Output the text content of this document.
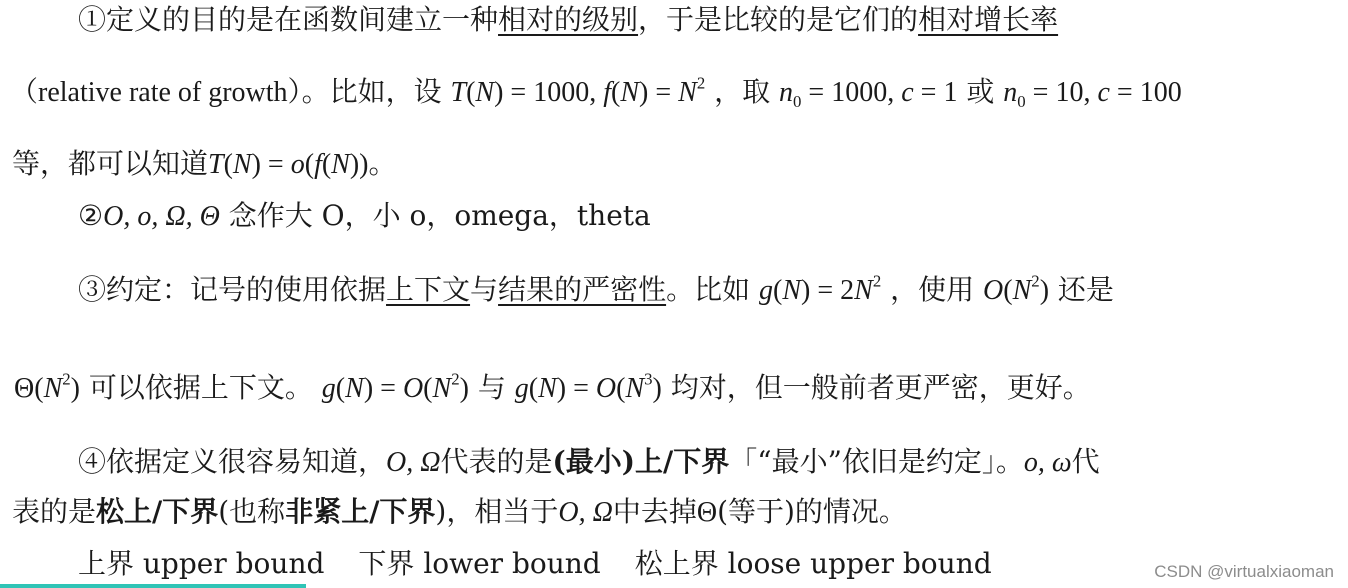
①定义的目的是在函数间建立一种相对的级别，于是比较的是它们的相对增长率
（relative rate of growth）。比如，设 T(N) = 1000, $f(N) = N^2$ ，取 $n_0 = 1000$, c = 1 或 $n_0 = 10$, c = 100
等，都可以知道T(N) = o(f(N))。
②O, o, Ω, Θ 念作大 O，小 o，omega，theta
③约定：记号的使用依据上下文与结果的严密性。比如 $g(N) = 2N^2$ ，使用 $O(N^2)$ 还是
$\Theta(N^2)$ 可以依据上下文。 $g(N) = O(N^2)$ 与 $g(N) = O(N^3)$ 均对，但一般前者更严密，更好。
④依据定义很容易知道，O, Ω代表的是(最小)上/下界「“最小”依旧是约定」。o, ω代
表的是松上/下界(也称非紧上/下界)，相当于O, Ω中去掉Θ(等于)的情况。
上界 upper bound 下界 lower bound 松上界 loose upper bound	CSDN @virtualxiaoman
